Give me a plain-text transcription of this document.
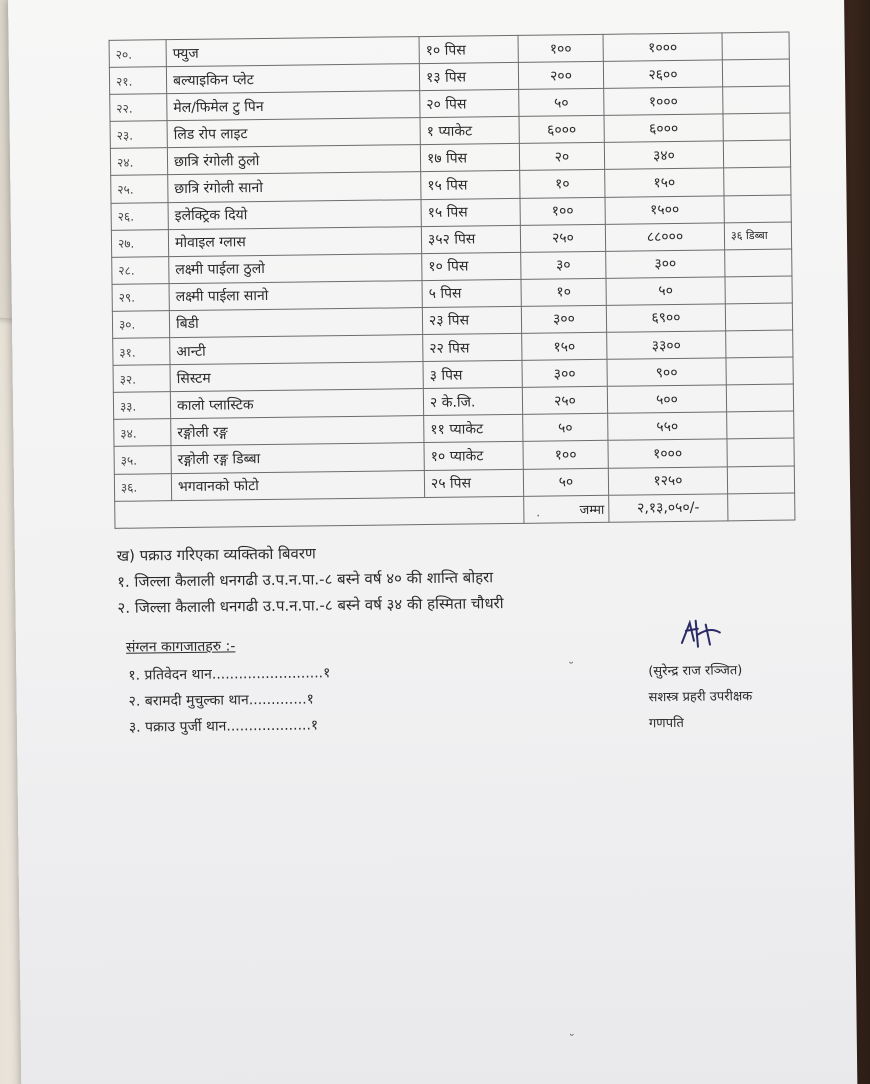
२०.	फ्युज	१० पिस	१००	१०००	
२१.	बल्याइकिन प्लेट	१३ पिस	२००	२६००	
२२.	मेल/फिमेल टु पिन	२० पिस	५०	१०००	
२३.	लिड रोप लाइट	१ प्याकेट	६०००	६०००	
२४.	छात्रि रंगोली ठुलो	१७ पिस	२०	३४०	
२५.	छात्रि रंगोली सानो	१५ पिस	१०	१५०	
२६.	इलेक्ट्रिक दियो	१५ पिस	१००	१५००	
२७.	मोवाइल ग्लास	३५२ पिस	२५०	८८०००	३६ डिब्बा
२८.	लक्ष्मी पाईला ठुलो	१० पिस	३०	३००	
२९.	लक्ष्मी पाईला सानो	५ पिस	१०	५०	
३०.	बिडी	२३ पिस	३००	६९००	
३१.	आन्टी	२२ पिस	१५०	३३००	
३२.	सिस्टम	३ पिस	३००	९००	
३३.	कालो प्लास्टिक	२ के.जि.	२५०	५००	
३४.	रङ्गोली रङ्ग	११ प्याकेट	५०	५५०	
३५.	रङ्गोली रङ्ग डिब्बा	१० प्याकेट	१००	१०००	
३६.	भगवानको फोटो	२५ पिस	५०	१२५०	
			जम्मा	२,१३,०५०/-	
ख) पक्राउ गरिएका व्यक्तिको बिवरण
१. जिल्ला कैलाली धनगढी उ.प.न.पा.-८ बस्ने वर्ष ४० की शान्ति बोहरा
२. जिल्ला कैलाली धनगढी उ.प.न.पा.-८ बस्ने वर्ष ३४ की हस्मिता चौधरी
संग्लन कागजातहरु :-
१. प्रतिवेदन थान.........................१
२. बरामदी मुचुल्का थान.............१
३. पक्राउ पुर्जी थान...................१
(सुरेन्द्र राज रञ्जित)
सशस्त्र प्रहरी उपरीक्षक
गणपति
·
˘
˘
